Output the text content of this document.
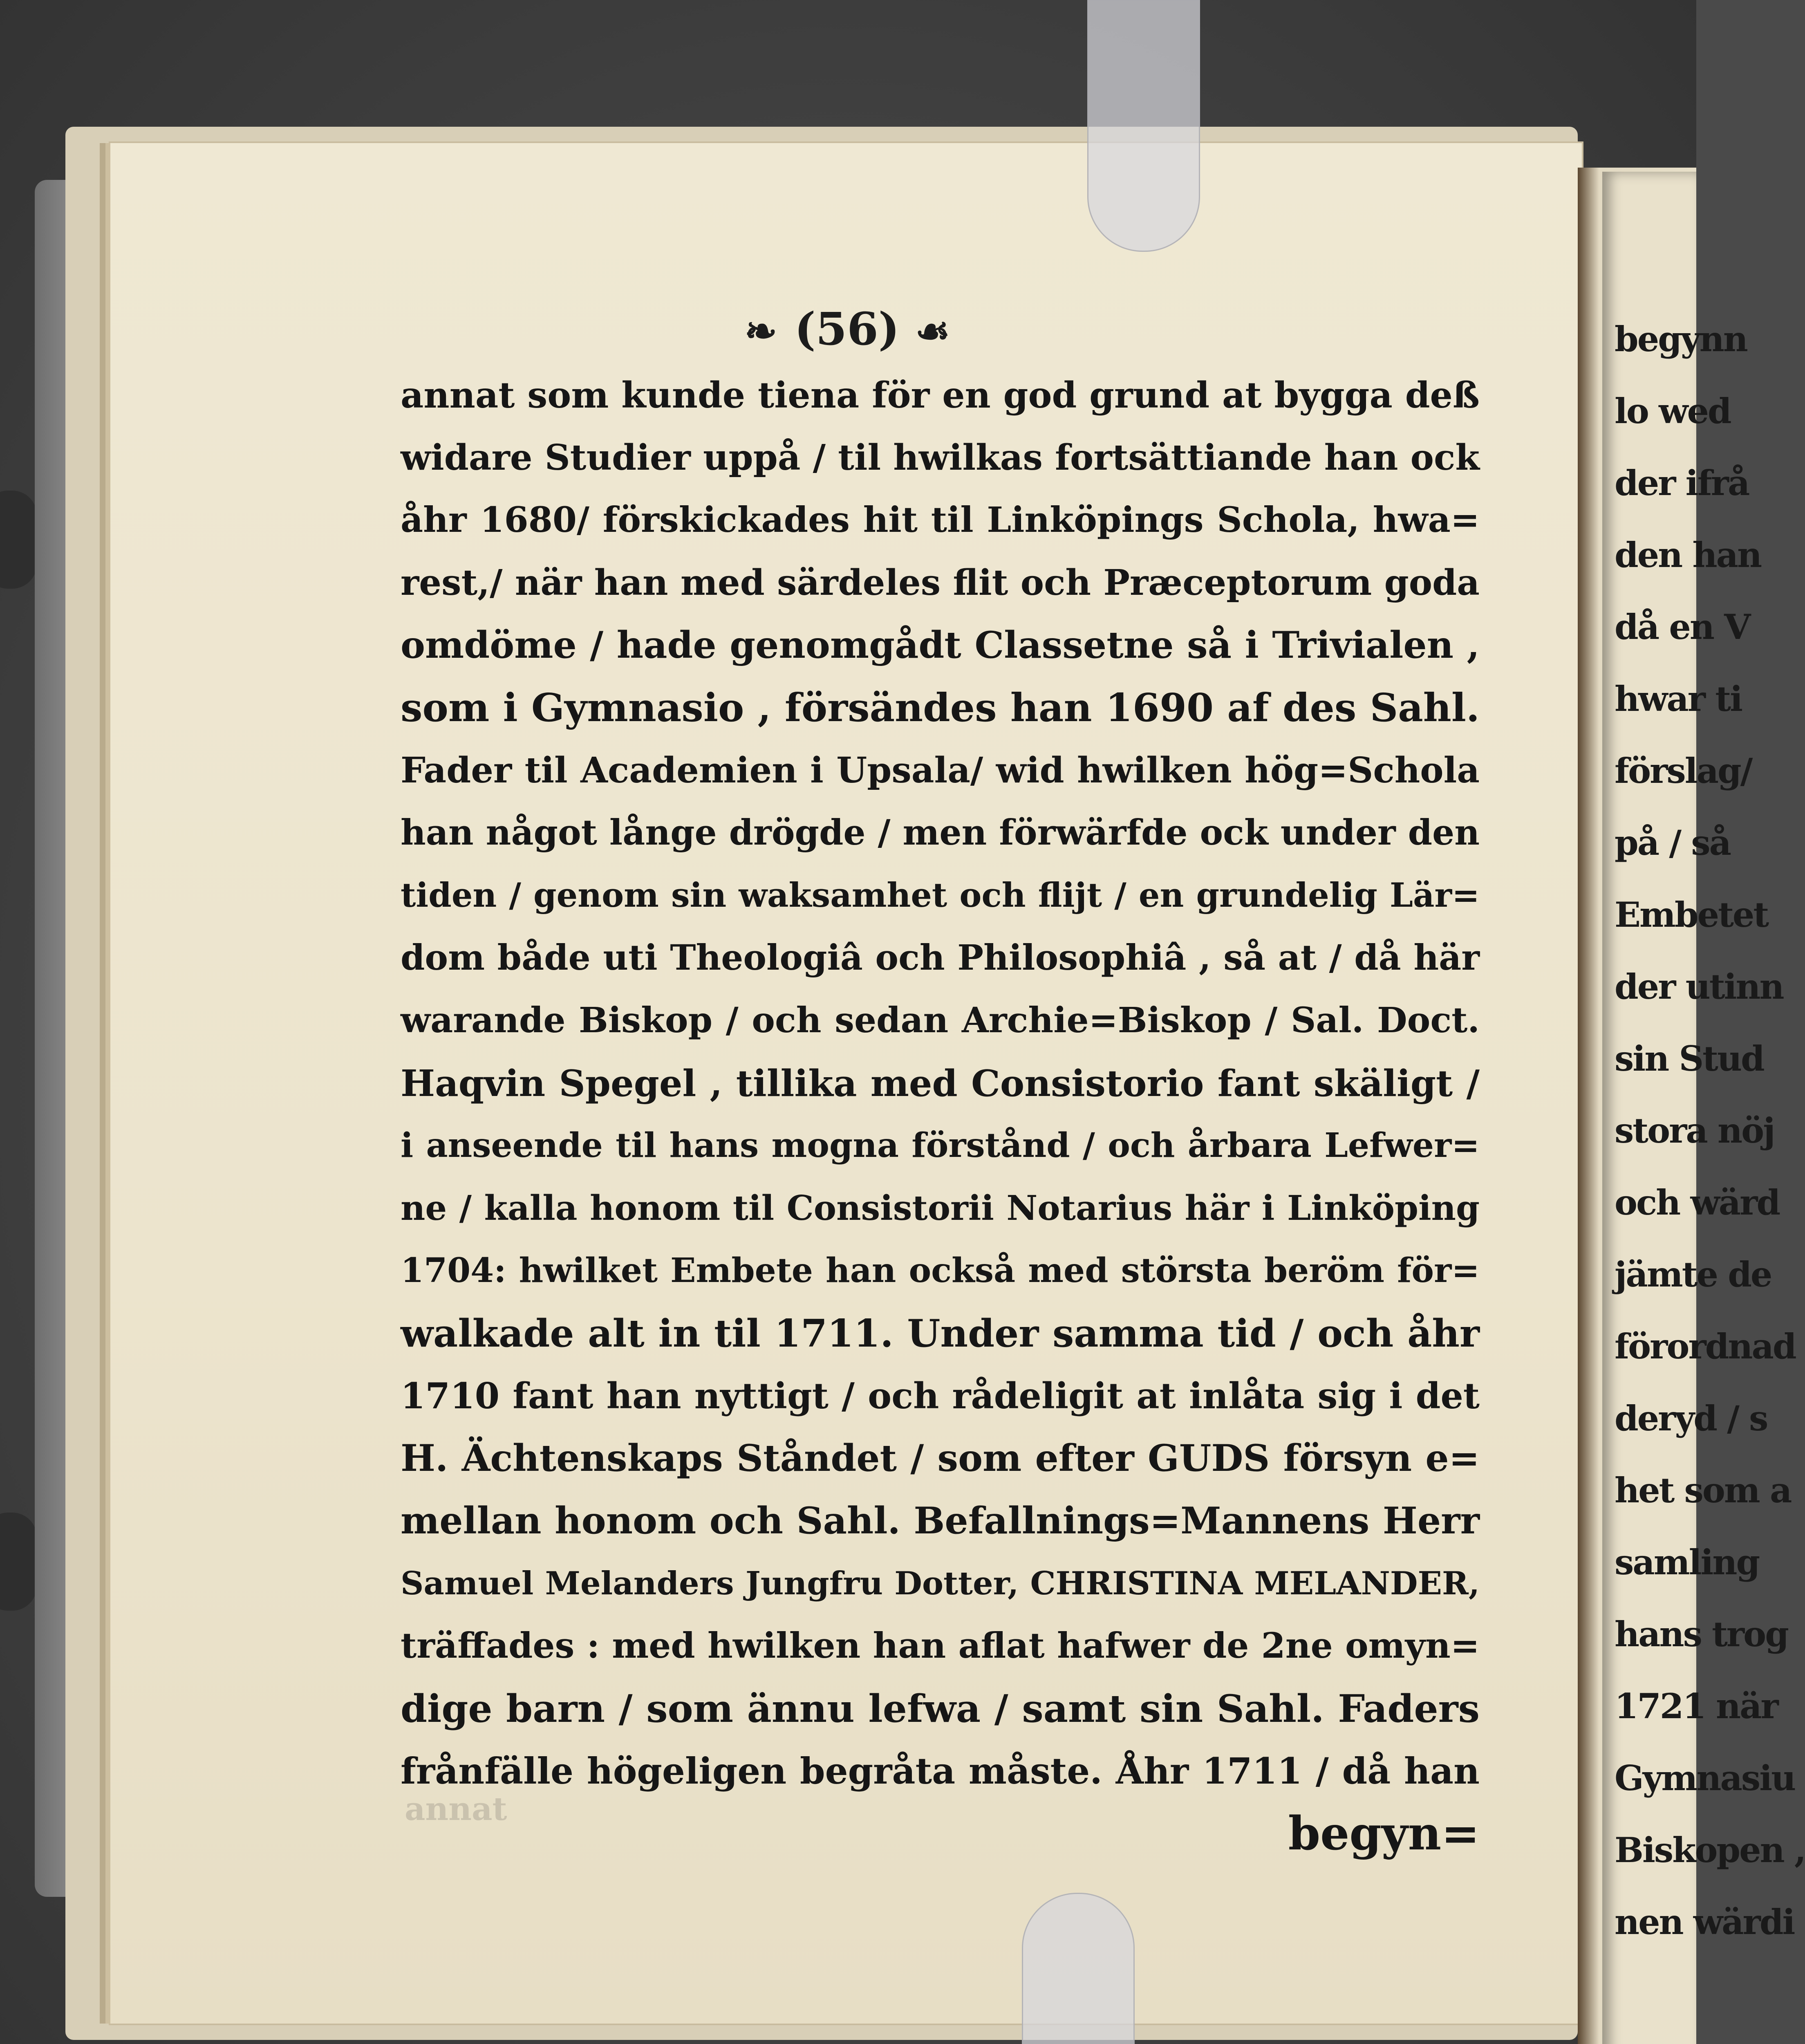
begynn
lo wed
der ifrå
den han
då en V
hwar ti
förslag/
på / så
Embetet
der utinn
sin Stud
stora nöj
och wärd
jämte de
förordnad
deryd / s
het som a
samling
hans trog
1721 när
Gymnasiu
Biskopen ,
nen wärdi
❧ (56) ☙
annat som kunde tiena för en god grund at bygga deß
widare Studier uppå / til hwilkas fortsättiande han ock
åhr 1680/ förskickades hit til Linköpings Schola, hwa=
rest,/ när han med särdeles flit och Præceptorum goda
omdöme / hade genomgådt Classetne så i Trivialen ,
som i Gymnasio , försändes han 1690 af des Sahl.
Fader til Academien i Upsala/ wid hwilken hög=Schola
han något långe drögde / men förwärfde ock under den
tiden / genom sin waksamhet och flijt / en grundelig Lär=
dom både uti Theologiâ och Philosophiâ , så at / då här
warande Biskop / och sedan Archie=Biskop / Sal. Doct.
Haqvin Spegel , tillika med Consistorio fant skäligt /
i anseende til hans mogna förstånd / och årbara Lefwer=
ne / kalla honom til Consistorii Notarius här i Linköping
1704: hwilket Embete han också med största beröm för=
walkade alt in til 1711. Under samma tid / och åhr
1710 fant han nyttigt / och rådeligit at inlåta sig i det
H. Ächtenskaps Ståndet / som efter GUDS försyn e=
mellan honom och Sahl. Befallnings=Mannens Herr
Samuel Melanders Jungfru Dotter, CHRISTINA MELANDER,
träffades : med hwilken han aflat hafwer de 2ne omyn=
dige barn / som ännu lefwa / samt sin Sahl. Faders
frånfälle högeligen begråta måste. Åhr 1711 / då han
begyn=
annat
